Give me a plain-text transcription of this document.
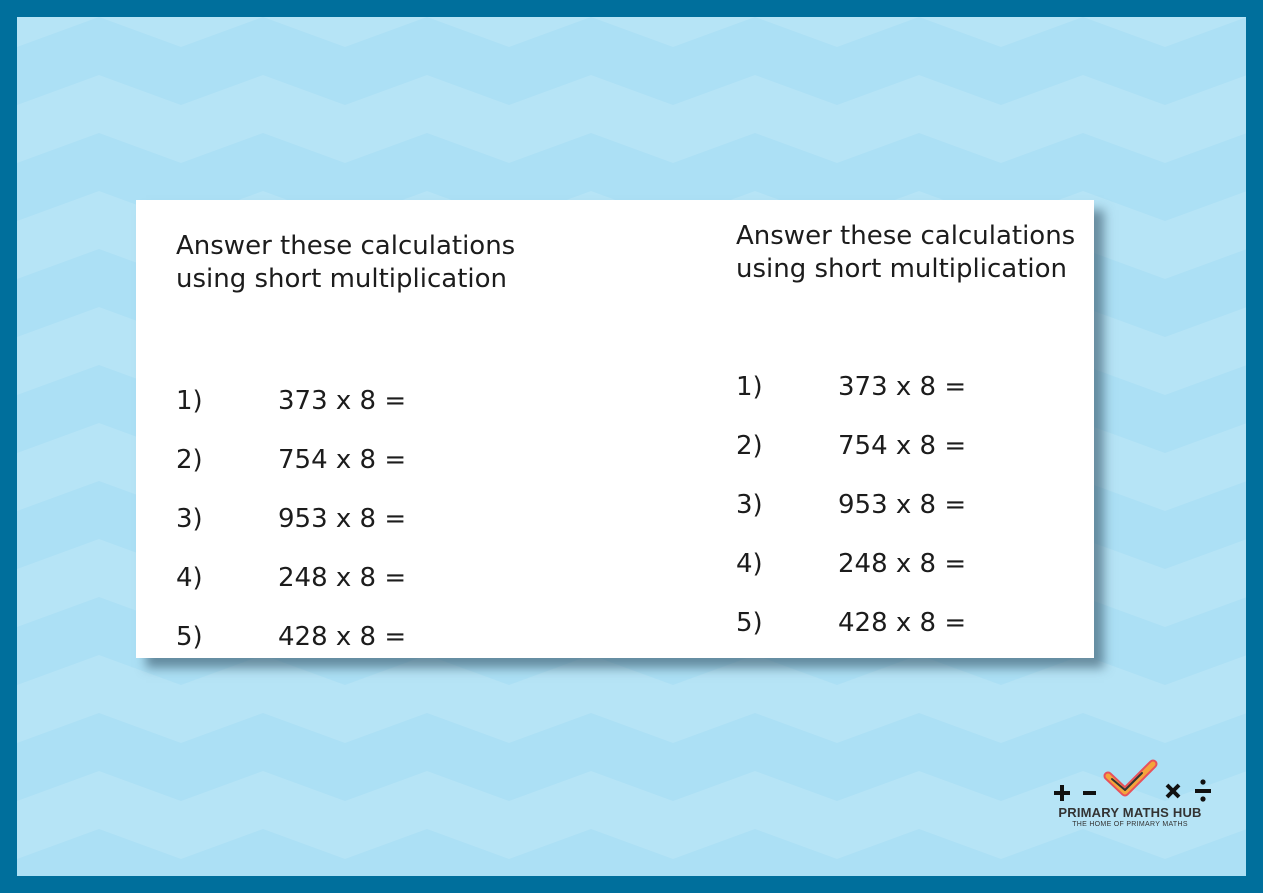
Answer these calculations using short multiplication

1)	373 x 8 =
2)	754 x 8 =
3)	953 x 8 =
4)	248 x 8 =
5)	428 x 8 =

Answer these calculations using short multiplication

1)	373 x 8 =
2)	754 x 8 =
3)	953 x 8 =
4)	248 x 8 =
5)	428 x 8 =
PRIMARY MATHS HUB
THE HOME OF PRIMARY MATHS
